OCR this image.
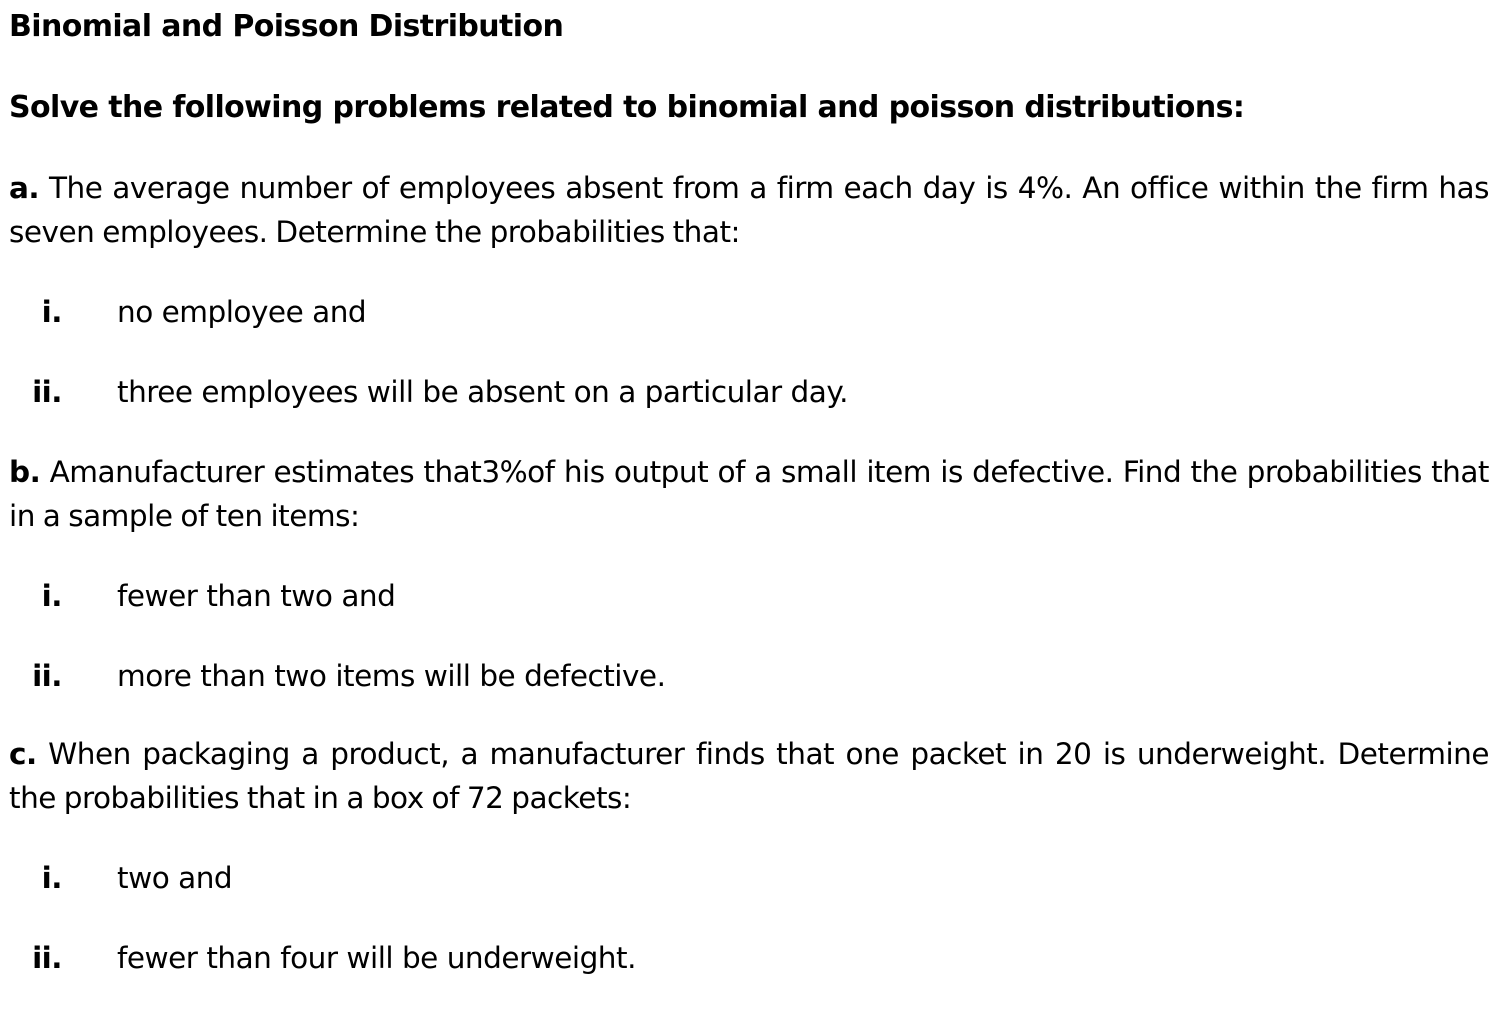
Binomial and Poisson Distribution
Solve the following problems related to binomial and poisson distributions:

a. The average number of employees absent from a firm each day is 4%. An office within the firm has seven employees. Determine the probabilities that:

i. no employee and
ii. three employees will be absent on a particular day.

b. Amanufacturer estimates that3%of his output of a small item is defective. Find the probabilities that in a sample of ten items:

i. fewer than two and
ii. more than two items will be defective.

c. When packaging a product, a manufacturer finds that one packet in 20 is underweight. Determine the probabilities that in a box of 72 packets:

i. two and
ii. fewer than four will be underweight.
